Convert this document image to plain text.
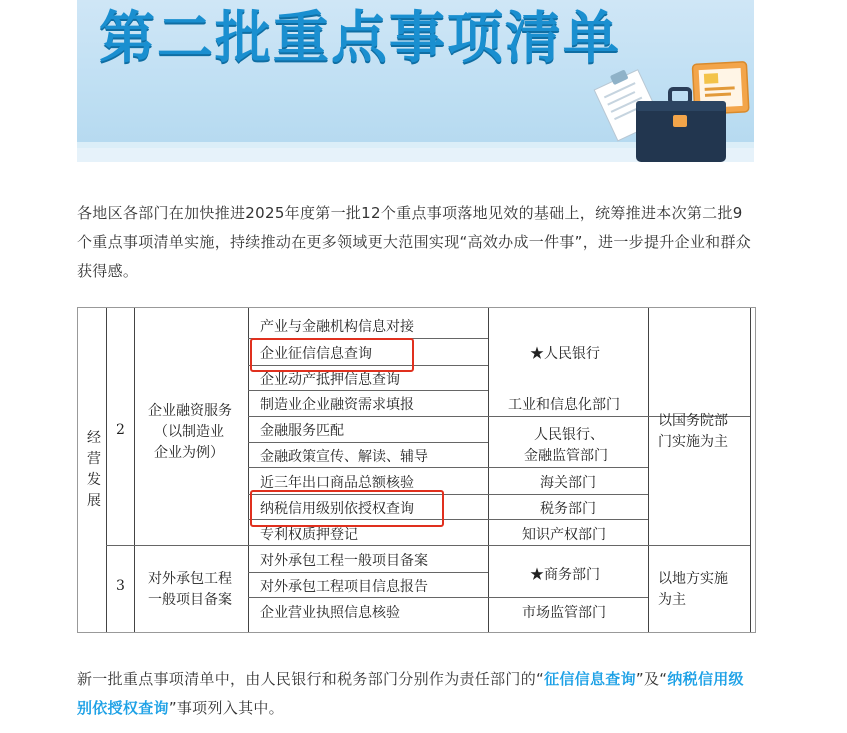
第二批重点事项清单
各地区各部门在加快推进2025年度第一批12个重点事项落地见效的基础上，统筹推进本次第二批9个重点事项清单实施，持续推动在更多领域更大范围实现“高效办成一件事”，进一步提升企业和群众获得感。
经营发展
2
企业融资服务
（以制造业
企业为例）
产业与金融机构信息对接
企业征信信息查询
企业动产抵押信息查询
制造业企业融资需求填报
金融服务匹配
金融政策宣传、解读、辅导
近三年出口商品总额核验
纳税信用级别依授权查询
专利权质押登记
★人民银行
工业和信息化部门
人民银行、
金融监管部门
海关部门
税务部门
知识产权部门
以国务院部
门实施为主
3 对外承包工程
一般项目备案
对外承包工程一般项目备案
对外承包工程项目信息报告
企业营业执照信息核验
★商务部门
市场监管部门
以地方实施
为主
新一批重点事项清单中，由人民银行和税务部门分别作为责任部门的“征信信息查询”及“纳税信用级别依授权查询”事项列入其中。
